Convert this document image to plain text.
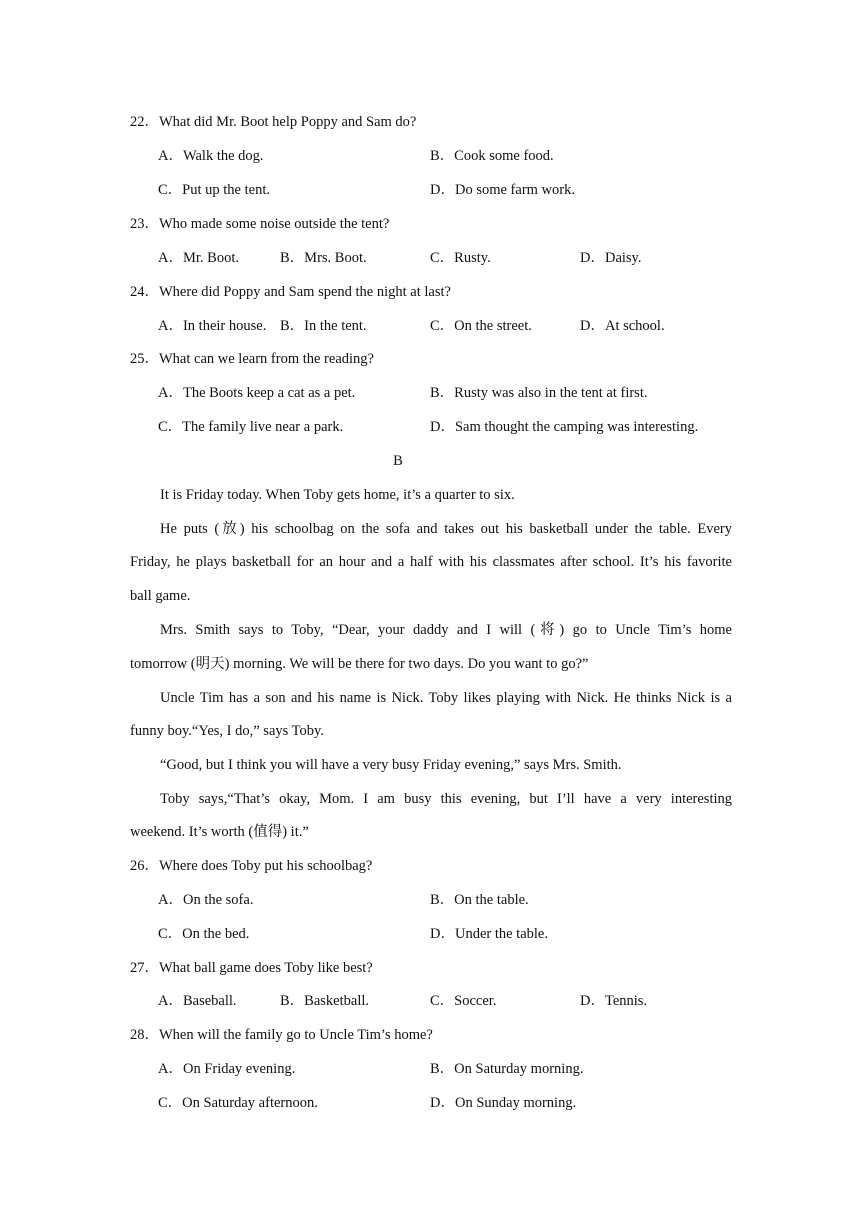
22．What did Mr. Boot help Poppy and Sam do?
A．Walk the dog.	B．Cook some food.
C．Put up the tent.	D．Do some farm work.
23．Who made some noise outside the tent?
A．Mr. Boot.	B．Mrs. Boot.	C．Rusty.	D．Daisy.
24．Where did Poppy and Sam spend the night at last?
A．In their house. B．In the tent.	C．On the street.	D．At school.
25．What can we learn from the reading?
A．The Boots keep a cat as a pet.	B．Rusty was also in the tent at first.
C．The family live near a park.	D．Sam thought the camping was interesting.
B
It is Friday today. When Toby gets home, it’s a quarter to six.
He puts (放) his schoolbag on the sofa and takes out his basketball under the table. Every
Friday, he plays basketball for an hour and a half with his classmates after school. It’s his favorite
ball game.
Mrs. Smith says to Toby, “Dear, your daddy and I will (将) go to Uncle Tim’s home
tomorrow (明天) morning. We will be there for two days. Do you want to go?”
Uncle Tim has a son and his name is Nick. Toby likes playing with Nick. He thinks Nick is a
funny boy.“Yes, I do,” says Toby.
“Good, but I think you will have a very busy Friday evening,” says Mrs. Smith.
Toby says,“That’s okay, Mom. I am busy this evening, but I’ll have a very interesting
weekend. It’s worth (值得) it.”
26．Where does Toby put his schoolbag?
A．On the sofa.	B．On the table.
C．On the bed.	D．Under the table.
27．What ball game does Toby like best?
A．Baseball.	B．Basketball.	C．Soccer.	D．Tennis.
28．When will the family go to Uncle Tim’s home?
A．On Friday evening.	B．On Saturday morning.
C．On Saturday afternoon.	D．On Sunday morning.
